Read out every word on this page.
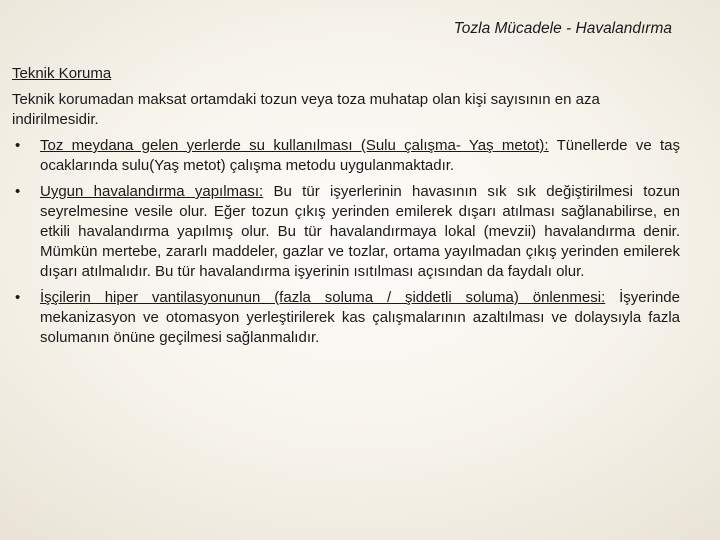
Tozla Mücadele - Havalandırma
Teknik Koruma
Teknik korumadan maksat ortamdaki tozun veya toza muhatap olan kişi sayısının en aza indirilmesidir.
• Toz meydana gelen yerlerde su kullanılması (Sulu çalışma- Yaş metot): Tünellerde ve taş ocaklarında sulu(Yaş metot) çalışma metodu uygulanmaktadır.
• Uygun havalandırma yapılması: Bu tür işyerlerinin havasının sık sık değiştirilmesi tozun seyrelmesine vesile olur. Eğer tozun çıkış yerinden emilerek dışarı atılması sağlanabilirse, en etkili havalandırma yapılmış olur. Bu tür havalandırmaya lokal (mevzii) havalandırma denir. Mümkün mertebe, zararlı maddeler, gazlar ve tozlar, ortama yayılmadan çıkış yerinden emilerek dışarı atılmalıdır. Bu tür havalandırma işyerinin ısıtılması açısından da faydalı olur.
• İşçilerin hiper vantilasyonunun (fazla soluma / şiddetli soluma) önlenmesi: İşyerinde mekanizasyon ve otomasyon yerleştirilerek kas çalışmalarının azaltılması ve dolaysıyla fazla solumanın önüne geçilmesi sağlanmalıdır.
